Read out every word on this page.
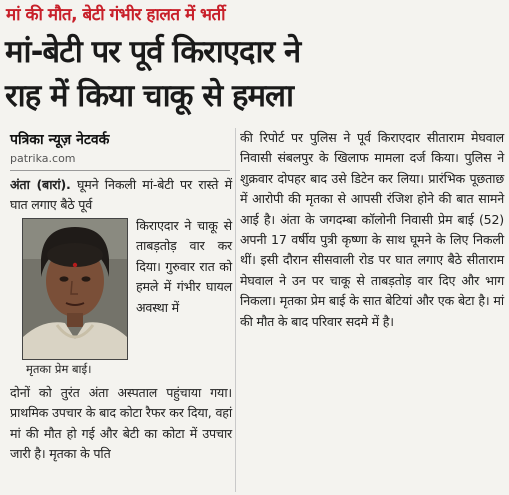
मां की मौत, बेटी गंभीर हालत में भर्ती
मां-बेटी पर पूर्व किराएदार ने
राह में किया चाकू से हमला
पत्रिका न्यूज़ नेटवर्क
patrika.com
अंता (बारां). घूमने निकली मां-बेटी पर रास्ते में घात लगाए बैठे पूर्व
मृतका प्रेम बाई।
किराएदार ने चाकू से ताबड़तोड़ वार कर दिया। गुरुवार रात को हमले में गंभीर घायल अवस्था में
दोनों को तुरंत अंता अस्पताल पहुंचाया गया। प्राथमिक उपचार के बाद कोटा रैफर कर दिया, वहां मां की मौत हो गई और बेटी का कोटा में उपचार जारी है। मृतका के पति
की रिपोर्ट पर पुलिस ने पूर्व किराएदार सीताराम मेघवाल निवासी संबलपुर के खिलाफ मामला दर्ज किया। पुलिस ने शुक्रवार दोपहर बाद उसे डिटेन कर लिया। प्रारंभिक पूछताछ में आरोपी की मृतका से आपसी रंजिश होने की बात सामने आई है। अंता के जगदम्बा कॉलोनी निवासी प्रेम बाई (52) अपनी 17 वर्षीय पुत्री कृष्णा के साथ घूमने के लिए निकली थीं। इसी दौरान सीसवाली रोड पर घात लगाए बैठे सीताराम मेघवाल ने उन पर चाकू से ताबड़तोड़ वार दिए और भाग निकला। मृतका प्रेम बाई के सात बेटियां और एक बेटा है। मां की मौत के बाद परिवार सदमे में है।
